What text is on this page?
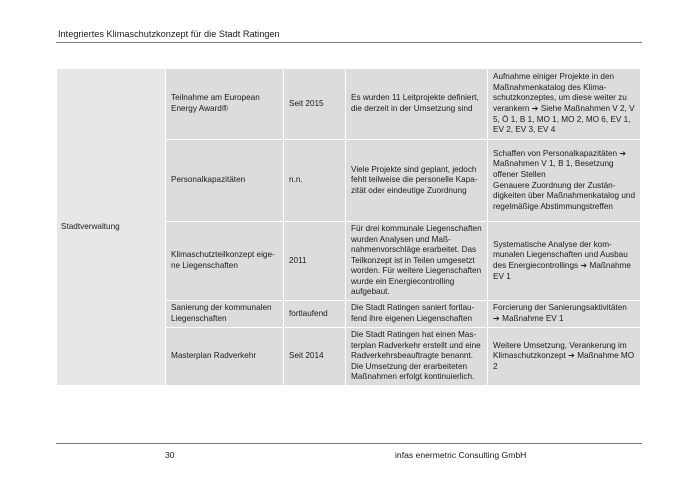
Integriertes Klimaschutzkonzept für die Stadt Ratingen
Stadtverwaltung	Teilnahme am European Energy Award®	Seit 2015	Es wurden 11 Leitprojekte definiert, die derzeit in der Umsetzung sind	Aufnahme einiger Projekte in den Maßnahmenkatalog des Klimaschutzkonzeptes, um diese weiter zu verankern ➔ Siehe Maßnahmen V 2, V 5, Ö 1, B 1, MO 1, MO 2, MO 6, EV 1, EV 2, EV 3, EV 4

	Personalkapazitäten	n.n.	Viele Projekte sind geplant, jedoch fehlt teilweise die personelle Kapazität oder eindeutige Zuordnung	Schaffen von Personalkapazitäten ➔ Maßnahmen V 1, B 1, Besetzung offener Stellen
Genauere Zuordnung der Zuständigkeiten über Maßnahmenkatalog und regelmäßige Abstimmungstreffen

	Klimaschutzteilkonzept eigene Liegenschaften	2011	Für drei kommunale Liegenschaften wurden Analysen und Maßnahmenvorschläge erarbeitet. Das Teilkonzept ist in Teilen umgesetzt worden. Für weitere Liegenschaften wurde ein Energiecontrolling aufgebaut.	Systematische Analyse der kommunalen Liegenschaften und Ausbau des Energiecontrollings ➔ Maßnahme EV 1

	Sanierung der kommunalen Liegenschaften	fortlaufend	Die Stadt Ratingen saniert fortlaufend ihre eigenen Liegenschaften	Forcierung der Sanierungsaktivitäten ➔ Maßnahme EV 1

	Masterplan Radverkehr	Seit 2014	Die Stadt Ratingen hat einen Masterplan Radverkehr erstellt und eine Radverkehrsbeauftragte benannt. Die Umsetzung der erarbeiteten Maßnahmen erfolgt kontinuierlich.	Weitere Umsetzung, Verankerung im Klimaschutzkonzept ➔ Maßnahme MO 2
30	infas enermetric Consulting GmbH
